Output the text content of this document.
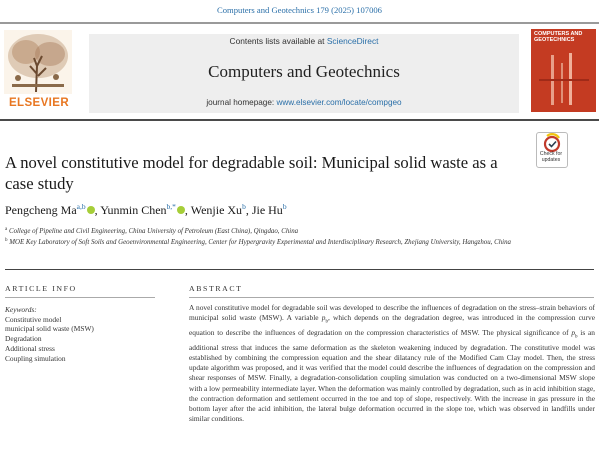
Computers and Geotechnics 179 (2025) 107006
ELSEVIER
Contents lists available at ScienceDirect
Computers and Geotechnics
journal homepage: www.elsevier.com/locate/compgeo
COMPUTERS AND GEOTECHNICS
Check for updates
A novel constitutive model for degradable soil: Municipal solid waste as a case study
Pengcheng Ma$^{a,b}$ , Yunmin Chen$^{b,*}$ , Wenjie Xu$^b$, Jie Hu$^b$
$^a$ College of Pipeline and Civil Engineering, China University of Petroleum (East China), Qingdao, China
$^b$ MOE Key Laboratory of Soft Soils and Geoenvironmental Engineering, Center for Hypergravity Experimental and Interdisciplinary Research, Zhejiang University, Hangzhou, China
ARTICLE INFO	ABSTRACT
Keywords:
Constitutive model
municipal solid waste (MSW)
Degradation
Additional stress
Coupling simulation
A novel constitutive model for degradable soil was developed to describe the influences of degradation on the stress–strain behaviors of municipal solid waste (MSW). A variable $p_b$, which depends on the degradation degree, was introduced in the compression curve equation to describe the influences of degradation on the compression characteristics of MSW. The physical significance of $p_b$ is an additional stress that induces the same deformation as the skeleton weakening induced by degradation. The constitutive model was established by combining the compression equation and the shear dilatancy rule of the Modified Cam Clay model. Then, the stress update algorithm was proposed, and it was verified that the model could describe the influences of degradation on the compression and shear responses of MSW. Finally, a degradation-consolidation coupling simulation was conducted on a two-dimensional MSW slope with a low permeability intermediate layer. When the deformation was mainly controlled by degradation, such as in acid inhibition stage, the contraction deformation and settlement occurred in the toe and top of slope, respectively. With the increase in gas pressure in the bottom layer after the acid inhibition, the lateral bulge deformation occurred in the slope toe, which was observed in landfills under similar conditions.
